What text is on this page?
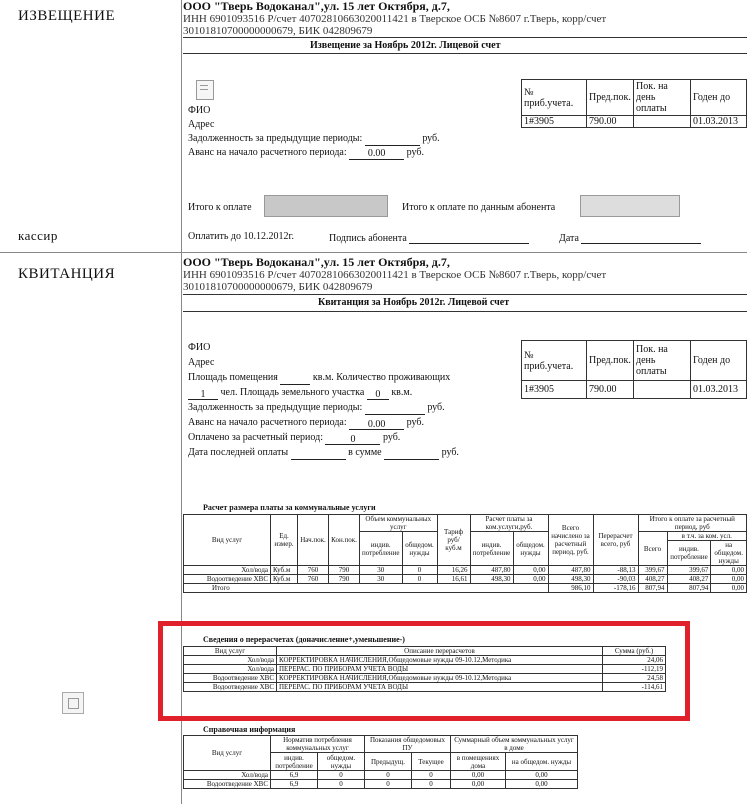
ИЗВЕЩЕНИЕ
кассир
КВИТАНЦИЯ
ООО "Тверь Водоканал",ул. 15 лет Октября, д.7,
ИНН 6901093516 Р/счет 40702810663020011421 в Тверское ОСБ №8607 г.Тверь, корр/счет
30101810700000000679, БИК 042809679
Извещение за Ноябрь 2012г. Лицевой счет
ФИО
Адрес
Задолженность за предыдущие периоды:	руб.
Аванс на начало расчетного периода: 0.00 руб.
№ приб.учета.	Пред.пок.	Пок. на день оплаты	Годен до
1#3905	790.00		01.03.2013
Итого к оплате	Итого к оплате по данным абонента
Оплатить до 10.12.2012г.	Подпись абонента	Дата
ООО "Тверь Водоканал",ул. 15 лет Октября, д.7,
ИНН 6901093516 Р/счет 40702810663020011421 в Тверское ОСБ №8607 г.Тверь, корр/счет
30101810700000000679, БИК 042809679
Квитанция за Ноябрь 2012г. Лицевой счет
ФИО
Адрес
Площадь помещения	кв.м. Количество проживающих
1 чел. Площадь земельного участка 0 кв.м.
Задолженность за предыдущие периоды:	руб.
Аванс на начало расчетного периода: 0.00 руб.
Оплачено за расчетный период:	0	руб.
Дата последней оплаты	в сумме	руб.
№ приб.учета.	Пред.пок.	Пок. на день оплаты	Годен до
1#3905	790.00		01.03.2013
Расчет размера платы за коммунальные услуги
Вид услуг	Ед. измер.	Нач.пок.	Кон.пок.	Объем коммунальных услуг		Тариф руб/куб.м	Расчет платы за ком.услуги,руб.		Всего начислено за расчетный период, руб.	Перерасчет всего, руб	Итого к оплате за расчетный период, руб		
				индив. потребление	общедом. нужды		индив. потребление	общедом. нужды			Всего	в т.ч. за ком. усл.	
												индив. потребление	на общедом. нужды
Хол/вода	Куб.м	760	790	30	0	16,26	487,80	0,00	487,80	-88,13	399,67	399,67	0,00
Водоотведение ХВС	Куб.м	760	790	30	0	16,61	498,30	0,00	498,30	-90,03	408,27	408,27	0,00
Итого									986,10	-178,16	807,94	807,94	0,00
Сведения о перерасчетах (доначисление+,уменьшение-)
Вид услуг	Описание перерасчетов	Сумма (руб.)
Хол/вода	КОРРЕКТИРОВКА НАЧИСЛЕНИЯ,Общедомовые нужды 09-10.12,Методика	24,06
Хол/вода	ПЕРЕРАС. ПО ПРИБОРАМ УЧЕТА ВОДЫ	-112,19
Водоотведение ХВС	КОРРЕКТИРОВКА НАЧИСЛЕНИЯ,Общедомовые нужды 09-10.12,Методика	24,58
Водоотведение ХВС	ПЕРЕРАС. ПО ПРИБОРАМ УЧЕТА ВОДЫ	-114,61
Справочная информация
Вид услуг	Норматив потребления коммунальных услуг		Показания общедомовых ПУ		Суммарный объем коммунальных услуг в доме	
	индив. потребление	общедом. нужды	Предыдущ.	Текущее	в помещениях дома	на общедом. нужды
Хол/вода	6,9	0	0	0	0,00	0,00
Водоотведение ХВС	6,9	0	0	0	0,00	0,00
